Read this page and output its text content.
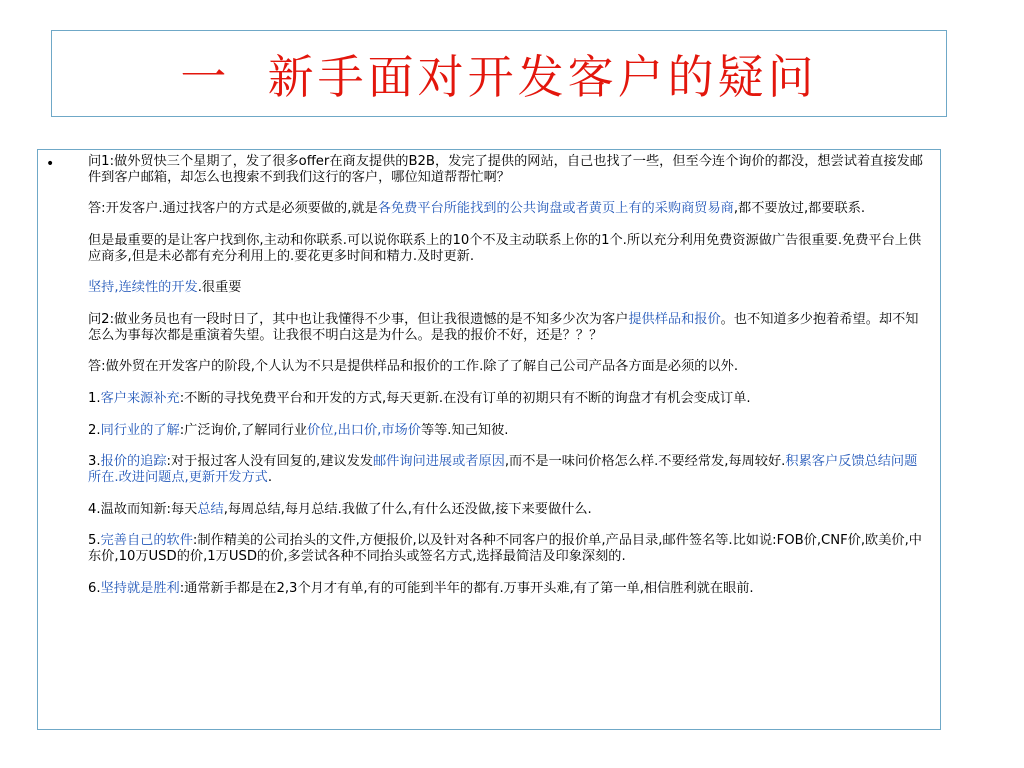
一  新手面对开发客户的疑问
•	问1:做外贸快三个星期了，发了很多offer在商友提供的B2B，发完了提供的网站，自己也找了一些，但至今连个询价的都没，想尝试着直接发邮件到客户邮箱，却怎么也搜索不到我们这行的客户，哪位知道帮帮忙啊？

答:开发客户.通过找客户的方式是必须要做的,就是各免费平台所能找到的公共询盘或者黄页上有的采购商贸易商,都不要放过,都要联系.

但是最重要的是让客户找到你,主动和你联系.可以说你联系上的10个不及主动联系上你的1个.所以充分利用免费资源做广告很重要.免费平台上供应商多,但是未必都有充分利用上的.要花更多时间和精力.及时更新.

坚持,连续性的开发.很重要

问2:做业务员也有一段时日了，其中也让我懂得不少事，但让我很遗憾的是不知多少次为客户提供样品和报价。也不知道多少抱着希望。却不知怎么为事每次都是重演着失望。让我很不明白这是为什么。是我的报价不好，还是？？？

答:做外贸在开发客户的阶段,个人认为不只是提供样品和报价的工作.除了了解自己公司产品各方面是必须的以外.

1.客户来源补充:不断的寻找免费平台和开发的方式,每天更新.在没有订单的初期只有不断的询盘才有机会变成订单.

2.同行业的了解:广泛询价,了解同行业价位,出口价,市场价等等.知己知彼.

3.报价的追踪:对于报过客人没有回复的,建议发发邮件询问进展或者原因,而不是一味问价格怎么样.不要经常发,每周较好.积累客户反馈总结问题所在.改进问题点,更新开发方式.

4.温故而知新:每天总结,每周总结,每月总结.我做了什么,有什么还没做,接下来要做什么.

5.完善自己的软件:制作精美的公司抬头的文件,方便报价,以及针对各种不同客户的报价单,产品目录,邮件签名等.比如说:FOB价,CNF价,欧美价,中东价,10万USD的价,1万USD的价,多尝试各种不同抬头或签名方式,选择最简洁及印象深刻的.

6.坚持就是胜利:通常新手都是在2,3个月才有单,有的可能到半年的都有.万事开头难,有了第一单,相信胜利就在眼前.
